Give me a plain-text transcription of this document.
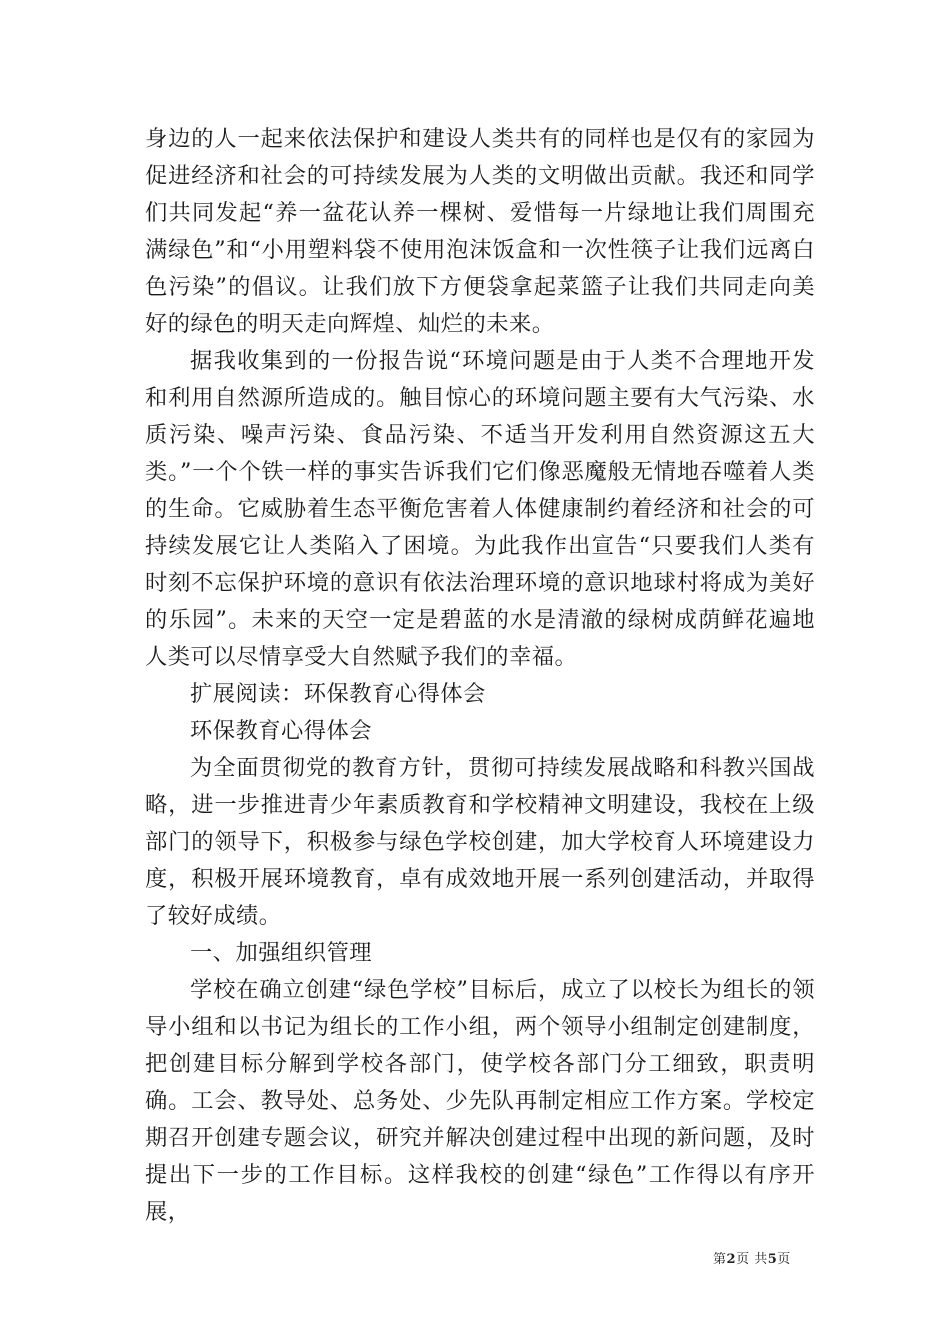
身边的人一起来依法保护和建设人类共有的同样也是仅有的家园为促进经济和社会的可持续发展为人类的文明做出贡献。我还和同学们共同发起“养一盆花认养一棵树、爱惜每一片绿地让我们周围充满绿色”和“小用塑料袋不使用泡沫饭盒和一次性筷子让我们远离白色污染”的倡议。让我们放下方便袋拿起菜篮子让我们共同走向美好的绿色的明天走向辉煌、灿烂的未来。

据我收集到的一份报告说“环境问题是由于人类不合理地开发和利用自然源所造成的。触目惊心的环境问题主要有大气污染、水质污染、噪声污染、食品污染、不适当开发利用自然资源这五大类。”一个个铁一样的事实告诉我们它们像恶魔般无情地吞噬着人类的生命。它威胁着生态平衡危害着人体健康制约着经济和社会的可持续发展它让人类陷入了困境。为此我作出宣告“只要我们人类有时刻不忘保护环境的意识有依法治理环境的意识地球村将成为美好的乐园”。未来的天空一定是碧蓝的水是清澈的绿树成荫鲜花遍地人类可以尽情享受大自然赋予我们的幸福。

扩展阅读：环保教育心得体会

环保教育心得体会

为全面贯彻党的教育方针，贯彻可持续发展战略和科教兴国战略，进一步推进青少年素质教育和学校精神文明建设，我校在上级部门的领导下，积极参与绿色学校创建，加大学校育人环境建设力度，积极开展环境教育，卓有成效地开展一系列创建活动，并取得了较好成绩。

一、加强组织管理

学校在确立创建“绿色学校”目标后，成立了以校长为组长的领导小组和以书记为组长的工作小组，两个领导小组制定创建制度，把创建目标分解到学校各部门，使学校各部门分工细致，职责明确。工会、教导处、总务处、少先队再制定相应工作方案。学校定期召开创建专题会议，研究并解决创建过程中出现的新问题，及时提出下一步的工作目标。这样我校的创建“绿色”工作得以有序开展，

第2页 共5页
